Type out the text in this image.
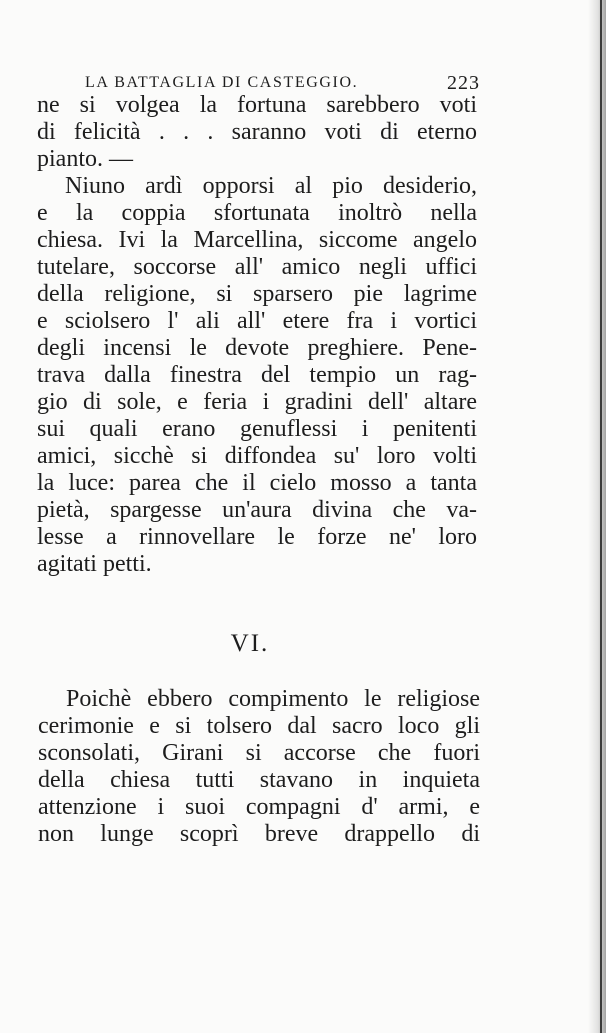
LA BATTAGLIA DI CASTEGGIO.	223
ne si volgea la fortuna sarebbero voti
di felicità . . . saranno voti di eterno
pianto. —
Niuno ardì opporsi al pio desiderio,
e la coppia sfortunata inoltrò nella
chiesa. Ivi la Marcellina, siccome angelo
tutelare, soccorse all' amico negli uffici
della religione, si sparsero pie lagrime
e sciolsero l' ali all' etere fra i vortici
degli incensi le devote preghiere. Pene-
trava dalla finestra del tempio un rag-
gio di sole, e feria i gradini dell' altare
sui quali erano genuflessi i penitenti
amici, sicchè si diffondea su' loro volti
la luce: parea che il cielo mosso a tanta
pietà, spargesse un'aura divina che va-
lesse a rinnovellare le forze ne' loro
agitati petti.
VI.
Poichè ebbero compimento le religiose
cerimonie e si tolsero dal sacro loco gli
sconsolati, Girani si accorse che fuori
della chiesa tutti stavano in inquieta
attenzione i suoi compagni d' armi, e
non lunge scoprì breve drappello di
